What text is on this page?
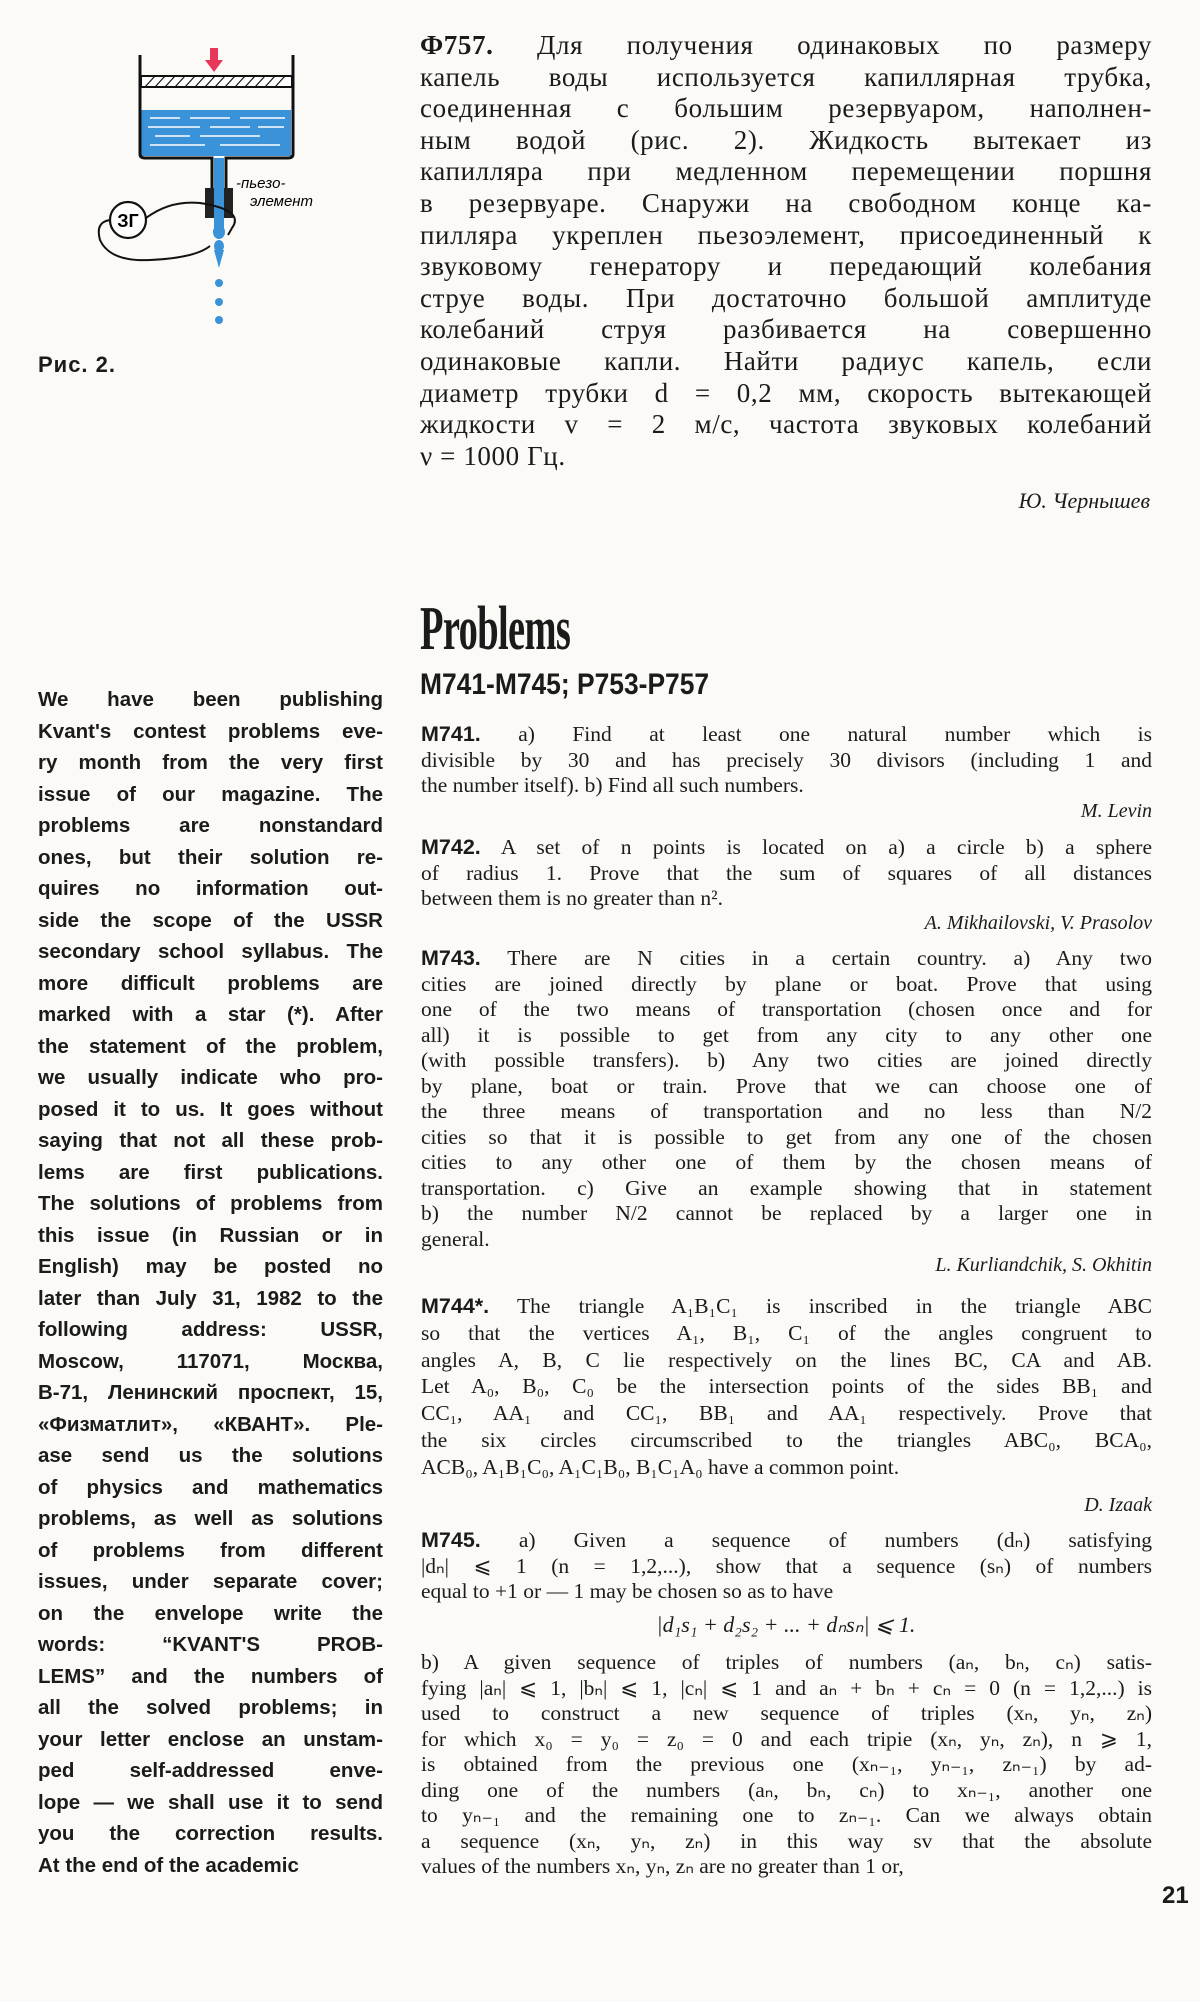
ЗГ
-пьезо-
элемент
Рис. 2.
Ф757. Для получения одинаковых по размеру
капель воды используется капиллярная трубка,
соединенная с большим резервуаром, наполнен-
ным водой (рис. 2). Жидкость вытекает из
капилляра при медленном перемещении поршня
в резервуаре. Снаружи на свободном конце ка-
пилляра укреплен пьезоэлемент, присоединенный к
звуковому генератору и передающий колебания
струе воды. При достаточно большой амплитуде
колебаний струя разбивается на совершенно
одинаковые капли. Найти радиус капель, если
диаметр трубки d = 0,2 мм, скорость вытекающей
жидкости v = 2 м/с, частота звуковых колебаний
ν = 1000 Гц.
Ю. Чернышев
Problems
M741-M745; P753-P757
We have been publishing
Kvant's contest problems eve-
ry month from the very first
issue of our magazine. The
problems are nonstandard
ones, but their solution re-
quires no information out-
side the scope of the USSR
secondary school syllabus. The
more difficult problems are
marked with a star (*). After
the statement of the problem,
we usually indicate who pro-
posed it to us. It goes without
saying that not all these prob-
lems are first publications.
The solutions of problems from
this issue (in Russian or in
English) may be posted no
later than July 31, 1982 to the
following address: USSR,
Moscow, 117071, Москва,
B-71, Ленинский проспект, 15,
«Физматлит», «КВАНТ». Ple-
ase send us the solutions
of physics and mathematics
problems, as well as solutions
of problems from different
issues, under separate cover;
on the envelope write the
words: “KVANT'S PROB-
LEMS” and the numbers of
all the solved problems; in
your letter enclose an unstam-
ped self-addressed enve-
lope — we shall use it to send
you the correction results.
At the end of the academic
M741. a) Find at least one natural number which is
divisible by 30 and has precisely 30 divisors (including 1 and
the number itself). b) Find all such numbers.
M. Levin
M742. A set of n points is located on a) a circle b) a sphere
of radius 1. Prove that the sum of squares of all distances
between them is no greater than n².
A. Mikhailovski, V. Prasolov
M743. There are N cities in a certain country. a) Any two
cities are joined directly by plane or boat. Prove that using
one of the two means of transportation (chosen once and for
all) it is possible to get from any city to any other one
(with possible transfers). b) Any two cities are joined directly
by plane, boat or train. Prove that we can choose one of
the three means of transportation and no less than N/2
cities so that it is possible to get from any one of the chosen
cities to any other one of them by the chosen means of
transportation. c) Give an example showing that in statement
b) the number N/2 cannot be replaced by a larger one in
general.
L. Kurliandchik, S. Okhitin
M744*. The triangle A₁B₁C₁ is inscribed in the triangle ABC
so that the vertices A₁, B₁, C₁ of the angles congruent to
angles A, B, C lie respectively on the lines BC, CA and AB.
Let A₀, B₀, C₀ be the intersection points of the sides BB₁ and
CC₁, AA₁ and CC₁, BB₁ and AA₁ respectively. Prove that
the six circles circumscribed to the triangles ABC₀, BCA₀,
ACB₀, A₁B₁C₀, A₁C₁B₀, B₁C₁A₀ have a common point.
D. Izaak
M745. a) Given a sequence of numbers (dₙ) satisfying
|dₙ| ⩽ 1 (n = 1,2,...), show that a sequence (sₙ) of numbers
equal to +1 or — 1 may be chosen so as to have
|d₁s₁ + d₂s₂ + ... + dₙsₙ| ⩽ 1.
b) A given sequence of triples of numbers (aₙ, bₙ, cₙ) satis-
fying |aₙ| ⩽ 1, |bₙ| ⩽ 1, |cₙ| ⩽ 1 and aₙ + bₙ + cₙ = 0 (n = 1,2,...) is
used to construct a new sequence of triples (xₙ, yₙ, zₙ)
for which x₀ = y₀ = z₀ = 0 and each tripie (xₙ, yₙ, zₙ), n ⩾ 1,
is obtained from the previous one (xₙ₋₁, yₙ₋₁, zₙ₋₁) by ad-
ding one of the numbers (aₙ, bₙ, cₙ) to xₙ₋₁, another one
to yₙ₋₁ and the remaining one to zₙ₋₁. Can we always obtain
a sequence (xₙ, yₙ, zₙ) in this way sv that the absolute
values of the numbers xₙ, yₙ, zₙ are no greater than 1 or,
21
